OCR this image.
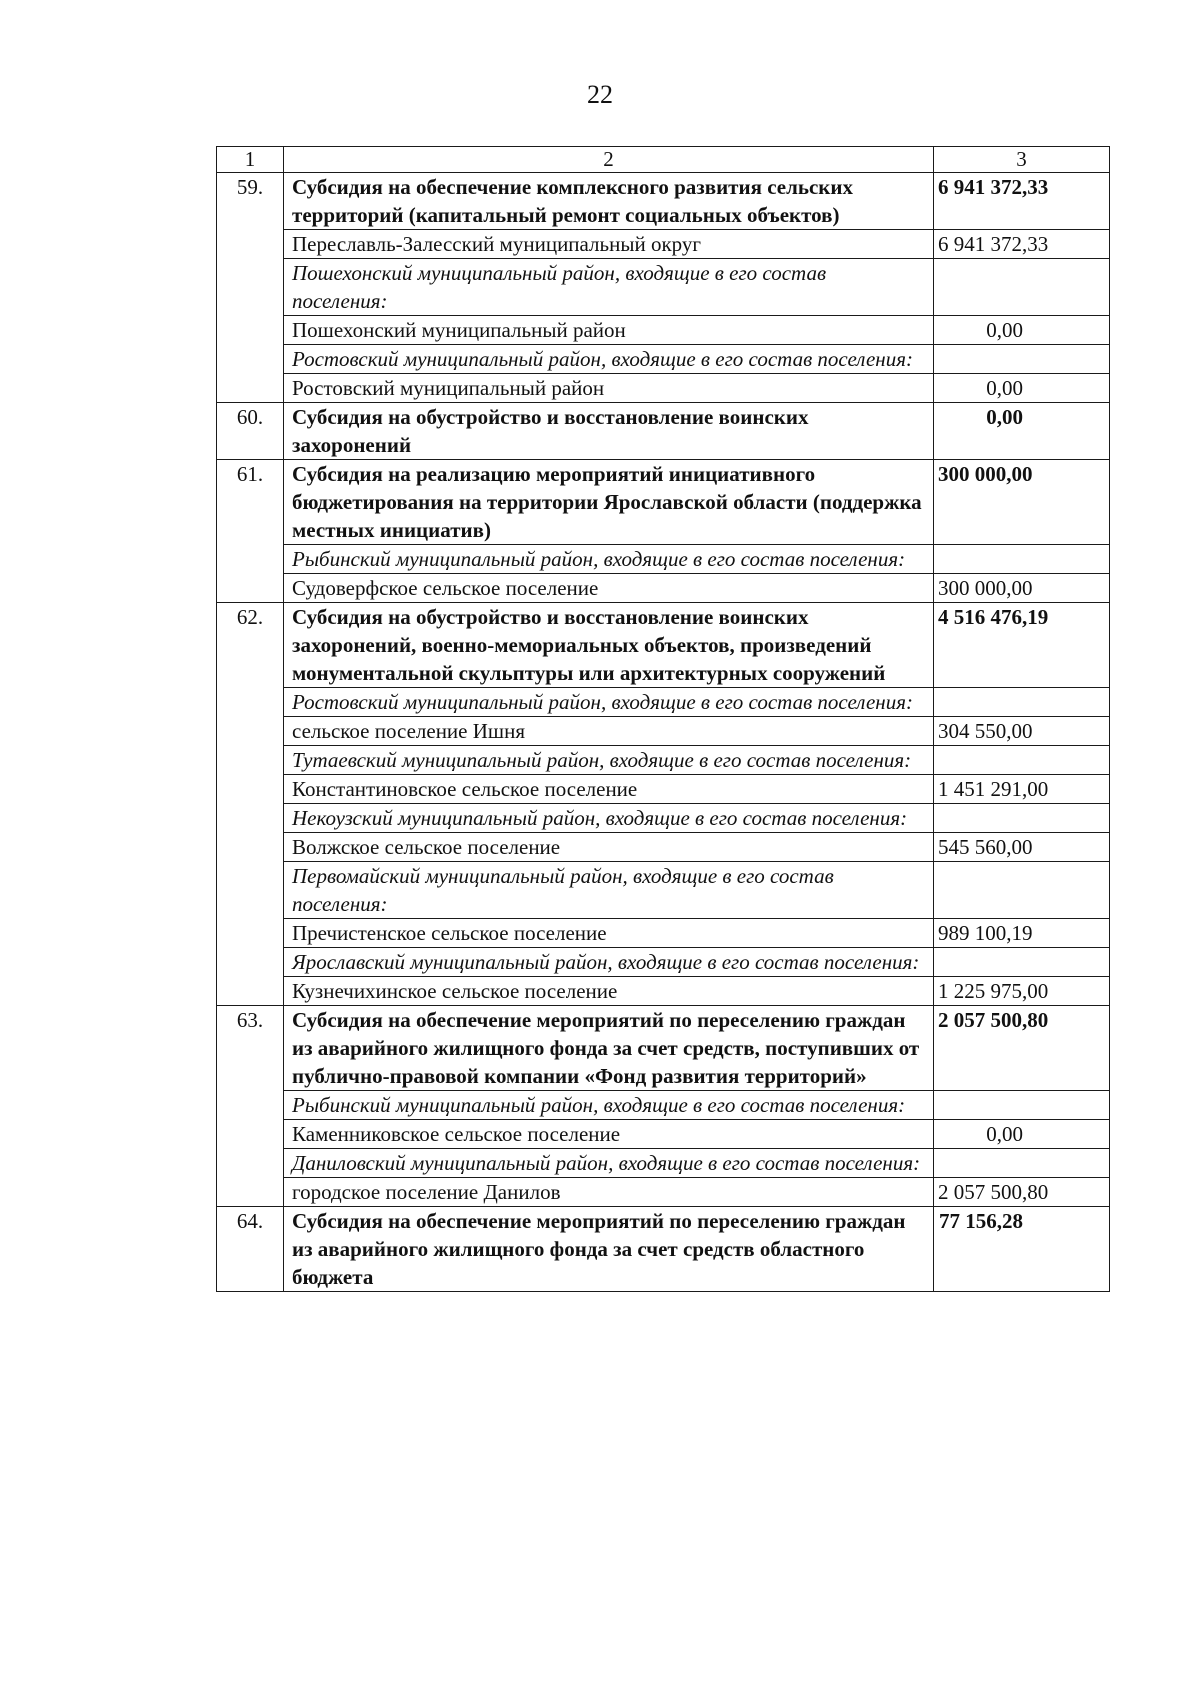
22
1	2	3
59.	Субсидия на обеспечение комплексного развития сельских территорий (капитальный ремонт социальных объектов)	6 941 372,33
	Переславль-Залесский муниципальный округ	6 941 372,33
	Пошехонский муниципальный район, входящие в его состав поселения:	
	Пошехонский муниципальный район	0,00
	Ростовский муниципальный район, входящие в его состав поселения:	
	Ростовский муниципальный район	0,00
60.	Субсидия на обустройство и восстановление воинских захоронений	0,00
61.	Субсидия на реализацию мероприятий инициативного бюджетирования на территории Ярославской области (поддержка местных инициатив)	300 000,00
	Рыбинский муниципальный район, входящие в его состав поселения:	
	Судоверфское сельское поселение	300 000,00
62.	Субсидия на обустройство и восстановление воинских захоронений, военно-мемориальных объектов, произведений монументальной скульптуры или архитектурных сооружений	4 516 476,19
	Ростовский муниципальный район, входящие в его состав поселения:	
	сельское поселение Ишня	304 550,00
	Тутаевский муниципальный район, входящие в его состав поселения:	
	Константиновское сельское поселение	1 451 291,00
	Некоузский муниципальный район, входящие в его состав поселения:	
	Волжское сельское поселение	545 560,00
	Первомайский муниципальный район, входящие в его состав поселения:	
	Пречистенское сельское поселение	989 100,19
	Ярославский муниципальный район, входящие в его состав поселения:	
	Кузнечихинское сельское поселение	1 225 975,00
63.	Субсидия на обеспечение мероприятий по переселению граждан из аварийного жилищного фонда за счет средств, поступивших от публично-правовой компании «Фонд развития территорий»	2 057 500,80
	Рыбинский муниципальный район, входящие в его состав поселения:	
	Каменниковское сельское поселение	0,00
	Даниловский муниципальный район, входящие в его состав поселения:	
	городское поселение Данилов	2 057 500,80
64.	Субсидия на обеспечение мероприятий по переселению граждан из аварийного жилищного фонда за счет средств областного бюджета	77 156,28
